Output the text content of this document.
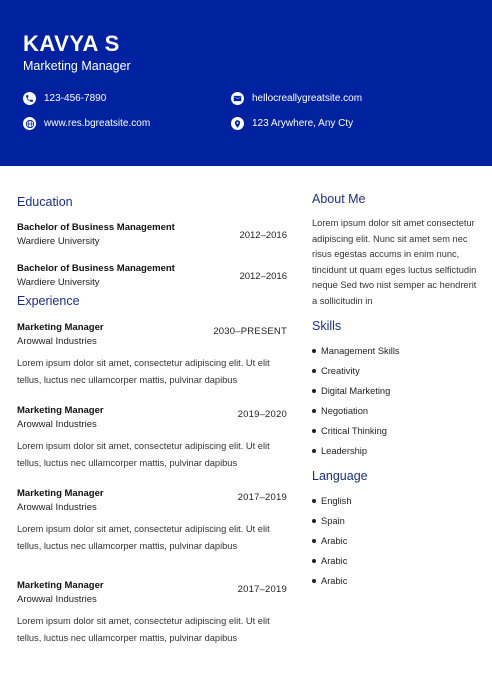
KAVYA S
Marketing Manager
123-456-7890	hellocreallygreatsite.com
www.res.bgreatsite.com	123 Arywhere, Any Cty
Education
Bachelor of Business Management
Wardiere University
2012–2016
Bachelor of Business Management
Wardiere University
2012–2016
Experience
Marketing Manager
Arowwal Industries
2030–PRESENT
Lorem ipsum dolor sit amet, consectetur adipiscing elit. Ut elit tellus, luctus nec ullamcorper mattis, pulvinar dapibus
Marketing Manager
Arowwal Industries
2019–2020
Lorem ipsum dolor sit amet, consectetur adipiscing elit. Ut elit tellus, luctus nec ullamcorper mattis, pulvinar dapibus
Marketing Manager
Arowwal Industries
2017–2019
Lorem ipsum dolor sit amet, consectetur adipiscing elit. Ut elit tellus, luctus nec ullamcorper mattis, pulvinar dapibus
Marketing Manager
Arowwal Industries
2017–2019
Lorem ipsum dolor sit amet, consectetur adipiscing elit. Ut elit tellus, luctus nec ullamcorper mattis, pulvinar dapibus
About Me
Lorem ipsum dolor sit amet consectetur adipiscing elit. Nunc sit amet sem nec risus egestas accums in enim nunc, tincidunt ut quam eges luctus selfictudin neque Sed two nist semper ac hendrerit a sollicitudin in
Skills
Management Skills
Creativity
Digital Marketing
Negotiation
Critical Thinking
Leadership
Language
English
Spain
Arabic
Arabic
Arabic
